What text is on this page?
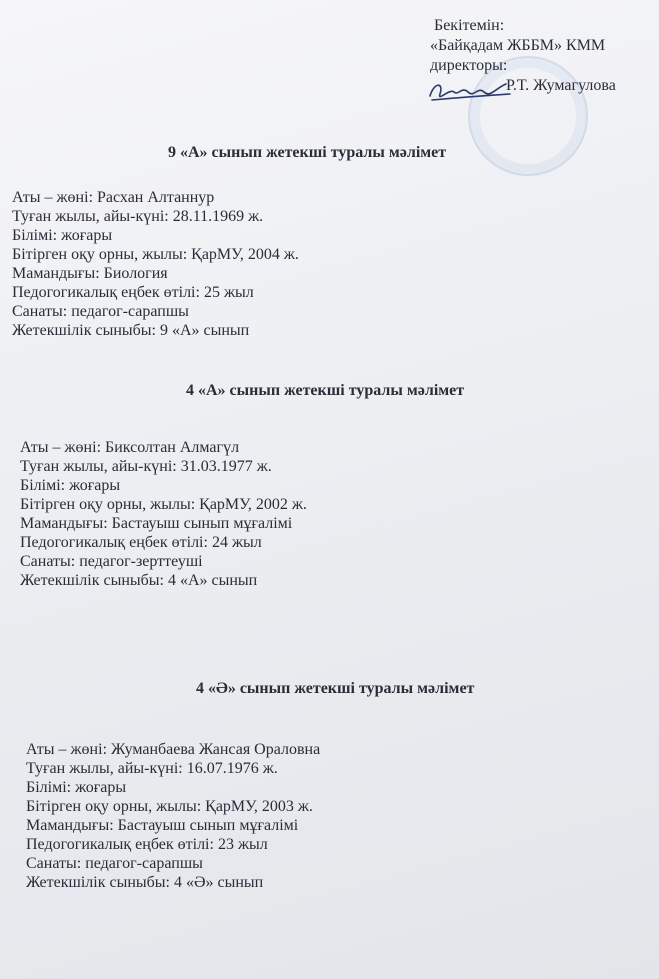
Бекітемін:
«Байқадам ЖББМ» КММ
директоры:
Р.Т. Жумагулова
9 «А» сынып жетекші туралы мәлімет
Аты – жөні: Расхан Алтаннур
Туған жылы, айы-күні: 28.11.1969 ж.
Білімі: жоғары
Бітірген оқу орны, жылы: ҚарМУ, 2004 ж.
Мамандығы: Биология
Педогогикалық еңбек өтілі: 25 жыл
Санаты: педагог-сарапшы
Жетекшілік сыныбы: 9 «А» сынып
4 «А» сынып жетекші туралы мәлімет
Аты – жөні: Биксолтан Алмагүл
Туған жылы, айы-күні: 31.03.1977 ж.
Білімі: жоғары
Бітірген оқу орны, жылы: ҚарМУ, 2002 ж.
Мамандығы: Бастауыш сынып мұғалімі
Педогогикалық еңбек өтілі: 24 жыл
Санаты: педагог-зерттеуші
Жетекшілік сыныбы: 4 «А» сынып
4 «Ә» сынып жетекші туралы мәлімет
Аты – жөні: Жуманбаева Жансая Ораловна
Туған жылы, айы-күні: 16.07.1976 ж.
Білімі: жоғары
Бітірген оқу орны, жылы: ҚарМУ, 2003 ж.
Мамандығы: Бастауыш сынып мұғалімі
Педогогикалық еңбек өтілі: 23 жыл
Санаты: педагог-сарапшы
Жетекшілік сыныбы: 4 «Ә» сынып
